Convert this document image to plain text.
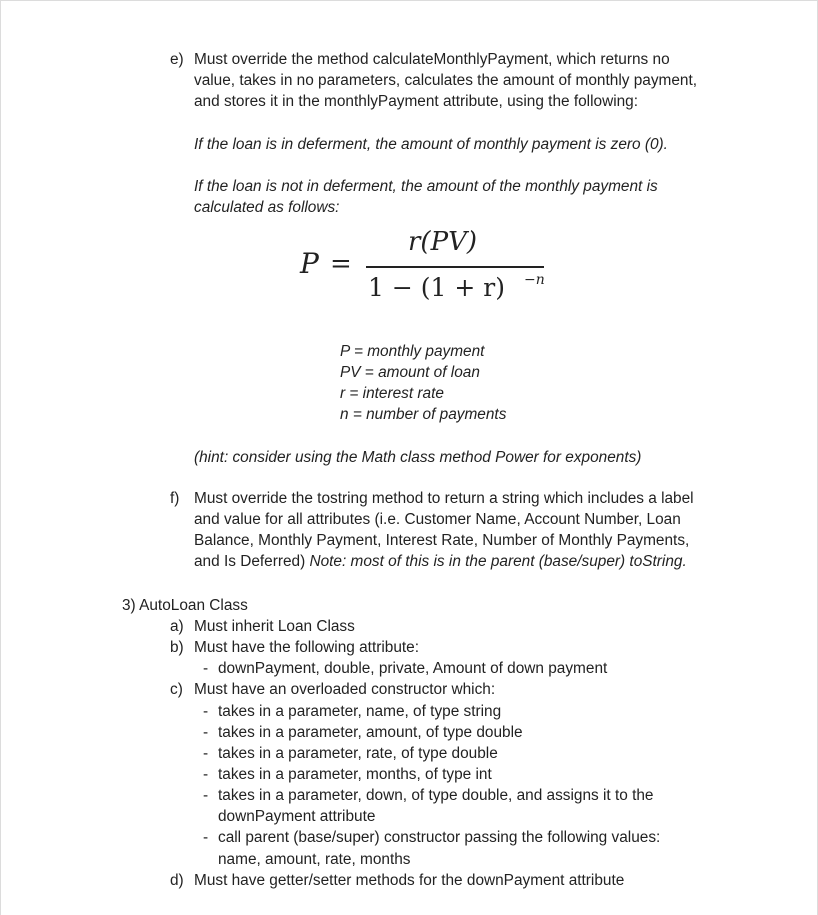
e) Must override the method calculateMonthlyPayment, which returns no
value, takes in no parameters, calculates the amount of monthly payment,
and stores it in the monthlyPayment attribute, using the following:
If the loan is in deferment, the amount of monthly payment is zero (0).
If the loan is not in deferment, the amount of the monthly payment is
calculated as follows:
P =
r(PV)
1 − (1 + r) −n
P = monthly payment
PV = amount of loan
r = interest rate
n = number of payments
(hint: consider using the Math class method Power for exponents)
f) Must override the tostring method to return a string which includes a label
and value for all attributes (i.e. Customer Name, Account Number, Loan
Balance, Monthly Payment, Interest Rate, Number of Monthly Payments,
and Is Deferred) Note: most of this is in the parent (base/super) toString.
3) AutoLoan Class
a) Must inherit Loan Class
b) Must have the following attribute:
- downPayment, double, private, Amount of down payment
c) Must have an overloaded constructor which:
- takes in a parameter, name, of type string
- takes in a parameter, amount, of type double
- takes in a parameter, rate, of type double
- takes in a parameter, months, of type int
- takes in a parameter, down, of type double, and assigns it to the
downPayment attribute
- call parent (base/super) constructor passing the following values:
name, amount, rate, months
d) Must have getter/setter methods for the downPayment attribute
